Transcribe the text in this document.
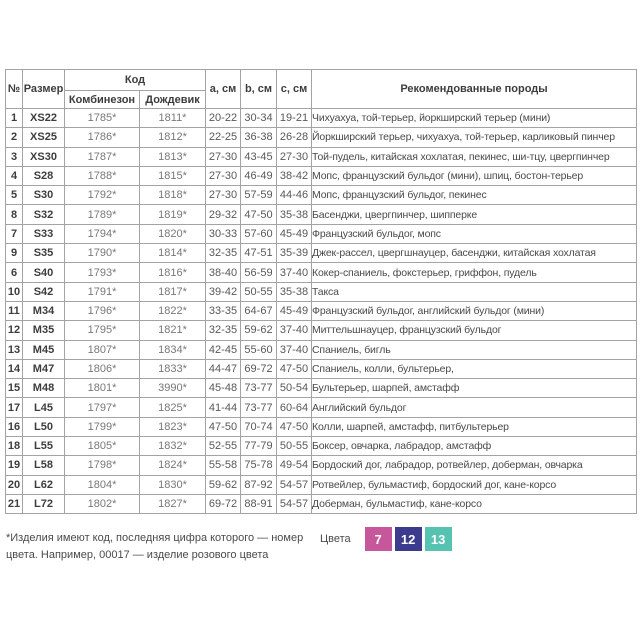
№	Размер	Код		a, см	b, см	c, см	Рекомендованные породы
		Комбинезон	Дождевик				
1	XS22	1785*	1811*	20-22	30-34	19-21	Чихуахуа, той-терьер, йоркширский терьер (мини)
2	XS25	1786*	1812*	22-25	36-38	26-28	Йоркширский терьер, чихуахуа, той-терьер, карликовый пинчер
3	XS30	1787*	1813*	27-30	43-45	27-30	Той-пудель, китайская хохлатая, пекинес, ши-тцу, цвергпинчер
4	S28	1788*	1815*	27-30	46-49	38-42	Мопс, французский бульдог (мини), шпиц, бостон-терьер
5	S30	1792*	1818*	27-30	57-59	44-46	Мопс, французский бульдог, пекинес
8	S32	1789*	1819*	29-32	47-50	35-38	Басенджи, цвергпинчер, шипперке
7	S33	1794*	1820*	30-33	57-60	45-49	Французский бульдог, мопс
9	S35	1790*	1814*	32-35	47-51	35-39	Джек-рассел, цвергшнауцер, басенджи, китайская хохлатая
6	S40	1793*	1816*	38-40	56-59	37-40	Кокер-спаниель, фокстерьер, гриффон, пудель
10	S42	1791*	1817*	39-42	50-55	35-38	Такса
11	M34	1796*	1822*	33-35	64-67	45-49	Французский бульдог, английский бульдог (мини)
12	M35	1795*	1821*	32-35	59-62	37-40	Миттельшнауцер, французский бульдог
13	M45	1807*	1834*	42-45	55-60	37-40	Спаниель, бигль
14	M47	1806*	1833*	44-47	69-72	47-50	Спаниель, колли, бультерьер,
15	M48	1801*	3990*	45-48	73-77	50-54	Бультерьер, шарпей, амстафф
17	L45	1797*	1825*	41-44	73-77	60-64	Английский бульдог
16	L50	1799*	1823*	47-50	70-74	47-50	Колли, шарпей, амстафф, питбультерьер
18	L55	1805*	1832*	52-55	77-79	50-55	Боксер, овчарка, лабрадор, амстафф
19	L58	1798*	1824*	55-58	75-78	49-54	Бордоский дог, лабрадор, ротвейлер, доберман, овчарка
20	L62	1804*	1830*	59-62	87-92	54-57	Ротвейлер, бульмастиф, бордоский дог, кане-корсо
21	L72	1802*	1827*	69-72	88-91	54-57	Доберман, бульмастиф, кане-корсо
*Изделия имеют код, последняя цифра которого — номер цвета. Например, 00017 — изделие розового цвета
Цвета	7	12	13
